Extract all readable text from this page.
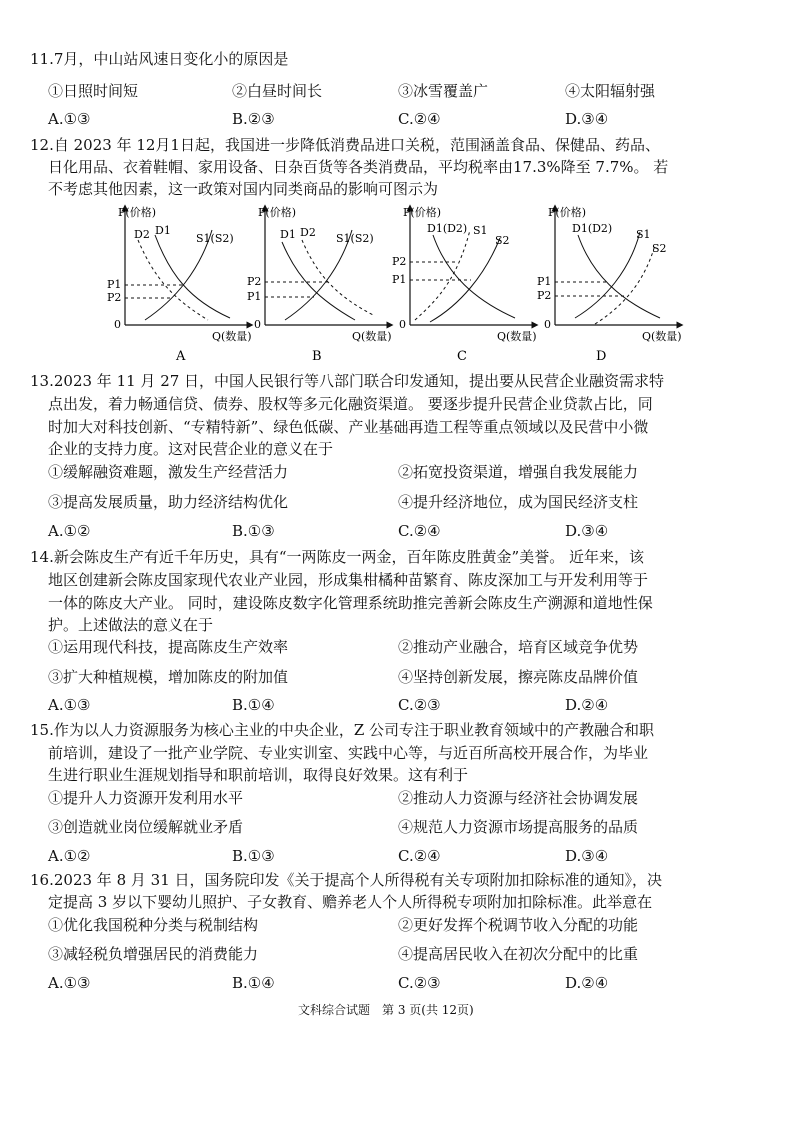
11.7月，中山站风速日变化小的原因是
①日照时间短	②白昼时间长	③冰雪覆盖广	④太阳辐射强
A.①③	B.②③	C.②④	D.③④
12.自 2023 年 12月1日起，我国进一步降低消费品进口关税，范围涵盖食品、保健品、药品、
日化用品、衣着鞋帽、家用设备、日杂百货等各类消费品，平均税率由17.3%降至 7.7%。 若
不考虑其他因素，这一政策对国内同类商品的影响可图示为
P(价格)
Q(数量)
0
D2 D1
S1(S2)
P1
P2
A
P(价格)
Q(数量)
0
D1 D2 S1(S2)
P2
P1
B
P(价格)
Q(数量)
0
D1(D2) S1
S2
P2
P1
C
P(价格)
Q(数量)
0
D1(D2) S1
S2
P1
P2
D
13.2023 年 11 月 27 日，中国人民银行等八部门联合印发通知，提出要从民营企业融资需求特
点出发，着力畅通信贷、债券、股权等多元化融资渠道。 要逐步提升民营企业贷款占比，同
时加大对科技创新、“专精特新”、绿色低碳、产业基础再造工程等重点领域以及民营中小微
企业的支持力度。这对民营企业的意义在于
①缓解融资难题，激发生产经营活力	②拓宽投资渠道，增强自我发展能力
③提高发展质量，助力经济结构优化	④提升经济地位，成为国民经济支柱
A.①②	B.①③	C.②④	D.③④
14.新会陈皮生产有近千年历史，具有“一两陈皮一两金，百年陈皮胜黄金”美誉。 近年来，该
地区创建新会陈皮国家现代农业产业园，形成集柑橘种苗繁育、陈皮深加工与开发利用等于
一体的陈皮大产业。 同时，建设陈皮数字化管理系统助推完善新会陈皮生产溯源和道地性保
护。上述做法的意义在于
①运用现代科技，提高陈皮生产效率	②推动产业融合，培育区域竞争优势
③扩大种植规模，增加陈皮的附加值	④坚持创新发展，擦亮陈皮品牌价值
A.①③	B.①④	C.②③	D.②④
15.作为以人力资源服务为核心主业的中央企业，Z 公司专注于职业教育领域中的产教融合和职
前培训，建设了一批产业学院、专业实训室、实践中心等，与近百所高校开展合作，为毕业
生进行职业生涯规划指导和职前培训，取得良好效果。这有利于
①提升人力资源开发利用水平	②推动人力资源与经济社会协调发展
③创造就业岗位缓解就业矛盾	④规范人力资源市场提高服务的品质
A.①②	B.①③	C.②④	D.③④
16.2023 年 8 月 31 日，国务院印发《关于提高个人所得税有关专项附加扣除标准的通知》，决
定提高 3 岁以下婴幼儿照护、子女教育、赡养老人个人所得税专项附加扣除标准。此举意在
①优化我国税种分类与税制结构	②更好发挥个税调节收入分配的功能
③减轻税负增强居民的消费能力	④提高居民收入在初次分配中的比重
A.①③	B.①④	C.②③	D.②④
文科综合试题　第 3 页(共 12页)
